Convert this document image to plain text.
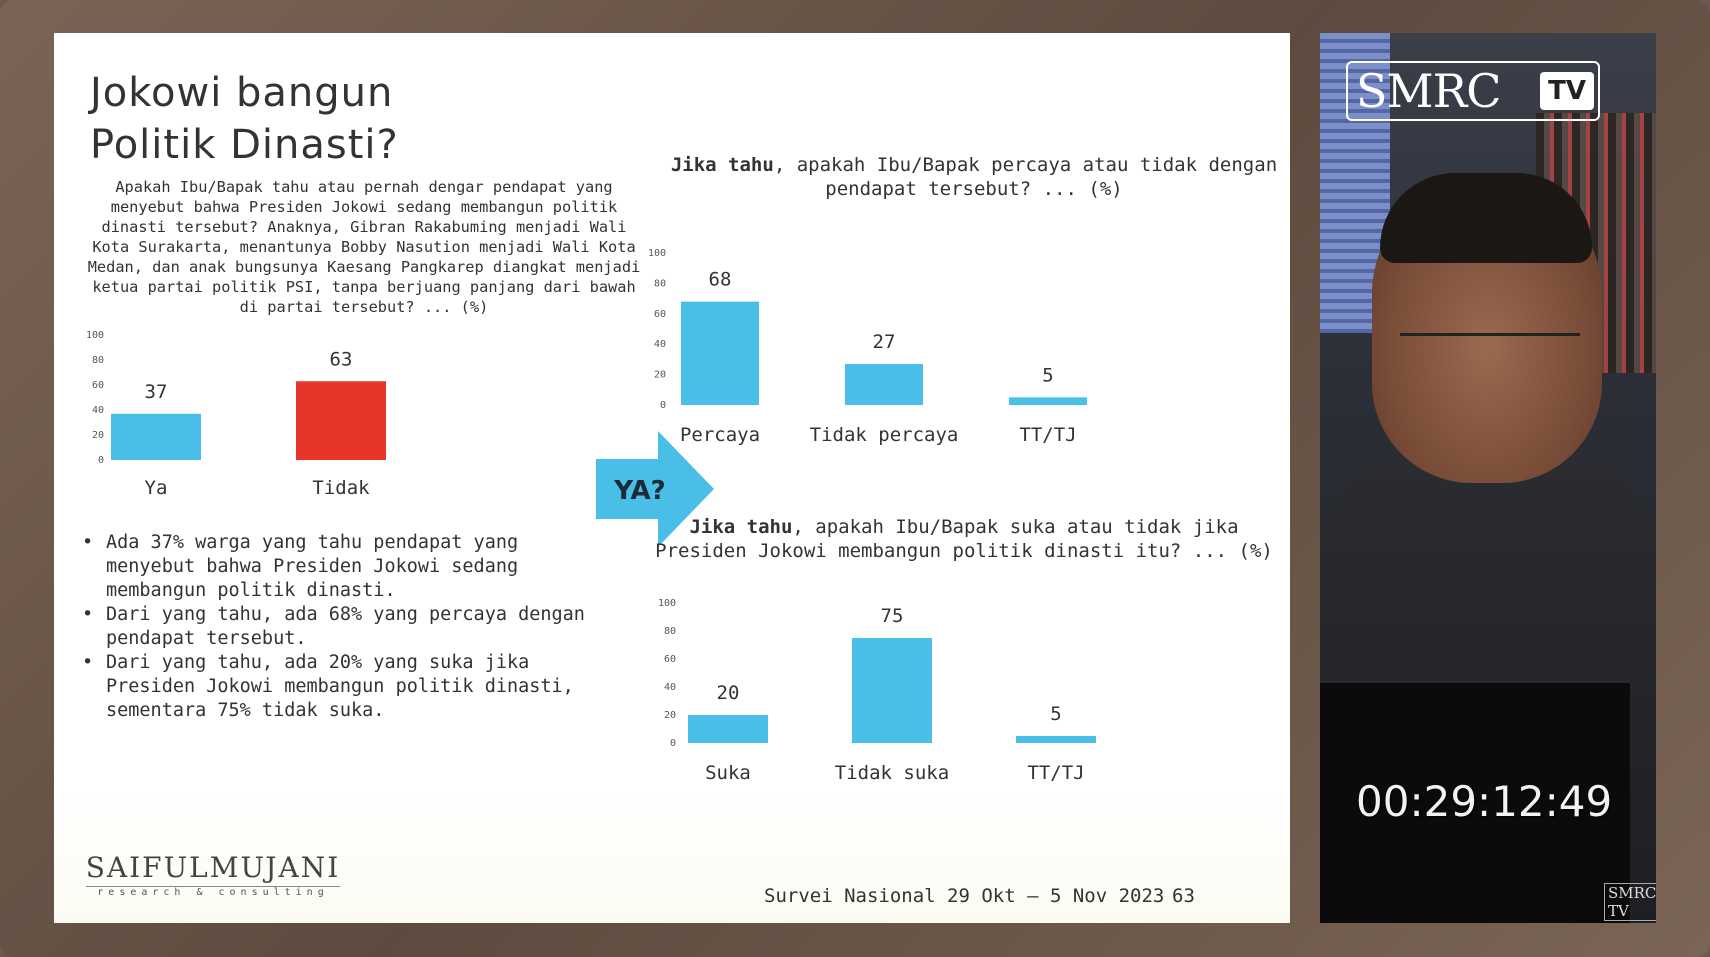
Jokowi bangun
Politik Dinasti?
Apakah Ibu/Bapak tahu atau pernah dengar pendapat yang menyebut bahwa Presiden Jokowi sedang membangun politik dinasti tersebut? Anaknya, Gibran Rakabuming menjadi Wali Kota Surakarta, menantunya Bobby Nasution menjadi Wali Kota Medan, dan anak bungsunya Kaesang Pangkarep diangkat menjadi ketua partai politik PSI, tanpa berjuang panjang dari bawah di partai tersebut? ... (%)
0
20
40
60
80
100
37
Ya
63
Tidak	YA?
Jika tahu, apakah Ibu/Bapak percaya atau tidak dengan pendapat tersebut? ... (%)
0
20
40
60
80
100
68
Percaya
27
Tidak percaya
5
TT/TJ
Jika tahu, apakah Ibu/Bapak suka atau tidak jika Presiden Jokowi membangun politik dinasti itu? ... (%)
0
20
40
60
80
100
20
Suka
75
Tidak suka
5
TT/TJ
• Ada 37% warga yang tahu pendapat yang menyebut bahwa Presiden Jokowi sedang membangun politik dinasti.
• Dari yang tahu, ada 68% yang percaya dengan pendapat tersebut.
• Dari yang tahu, ada 20% yang suka jika Presiden Jokowi membangun politik dinasti, sementara 75% tidak suka.
SAIFULMUJANI
research & consulting	Survei Nasional 29 Okt – 5 Nov 2023 63
SMRC	TV
00:29:12:49
SMRC TV
